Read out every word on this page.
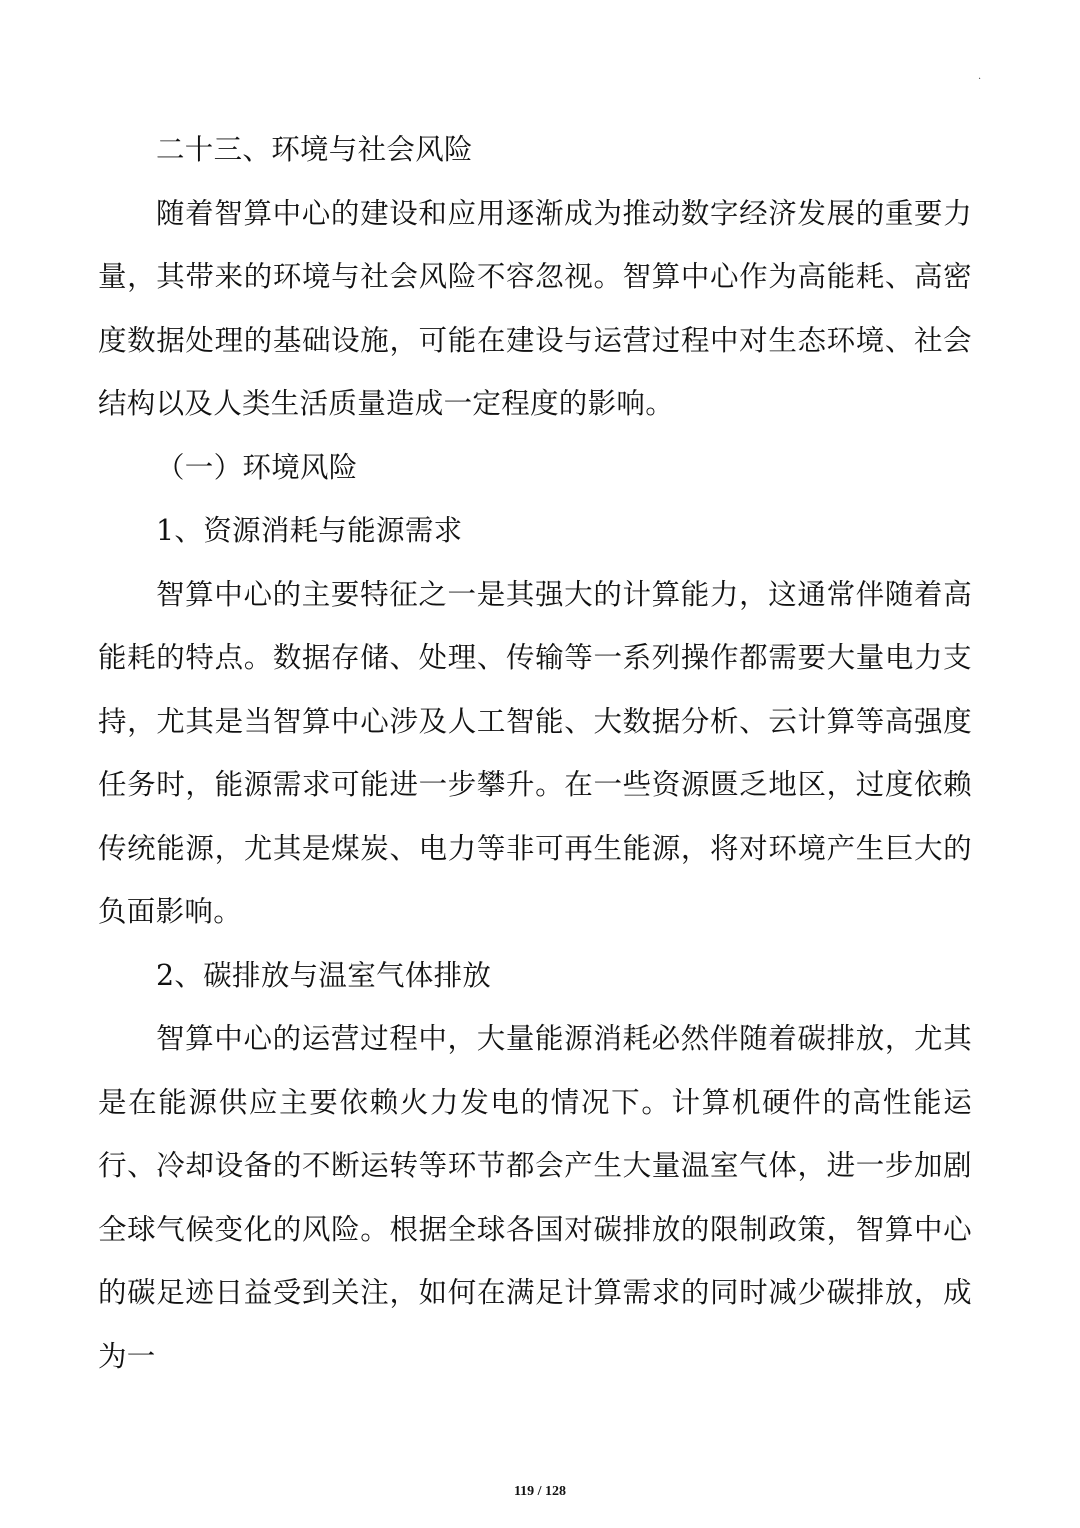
·

二十三、环境与社会风险

随着智算中心的建设和应用逐渐成为推动数字经济发展的重要力量，其带来的环境与社会风险不容忽视。智算中心作为高能耗、高密度数据处理的基础设施，可能在建设与运营过程中对生态环境、社会结构以及人类生活质量造成一定程度的影响。

（一）环境风险

1、资源消耗与能源需求

智算中心的主要特征之一是其强大的计算能力，这通常伴随着高能耗的特点。数据存储、处理、传输等一系列操作都需要大量电力支持，尤其是当智算中心涉及人工智能、大数据分析、云计算等高强度任务时，能源需求可能进一步攀升。在一些资源匮乏地区，过度依赖传统能源，尤其是煤炭、电力等非可再生能源，将对环境产生巨大的负面影响。

2、碳排放与温室气体排放

智算中心的运营过程中，大量能源消耗必然伴随着碳排放，尤其是在能源供应主要依赖火力发电的情况下。计算机硬件的高性能运行、冷却设备的不断运转等环节都会产生大量温室气体，进一步加剧全球气候变化的风险。根据全球各国对碳排放的限制政策，智算中心的碳足迹日益受到关注，如何在满足计算需求的同时减少碳排放，成为一

119 / 128
